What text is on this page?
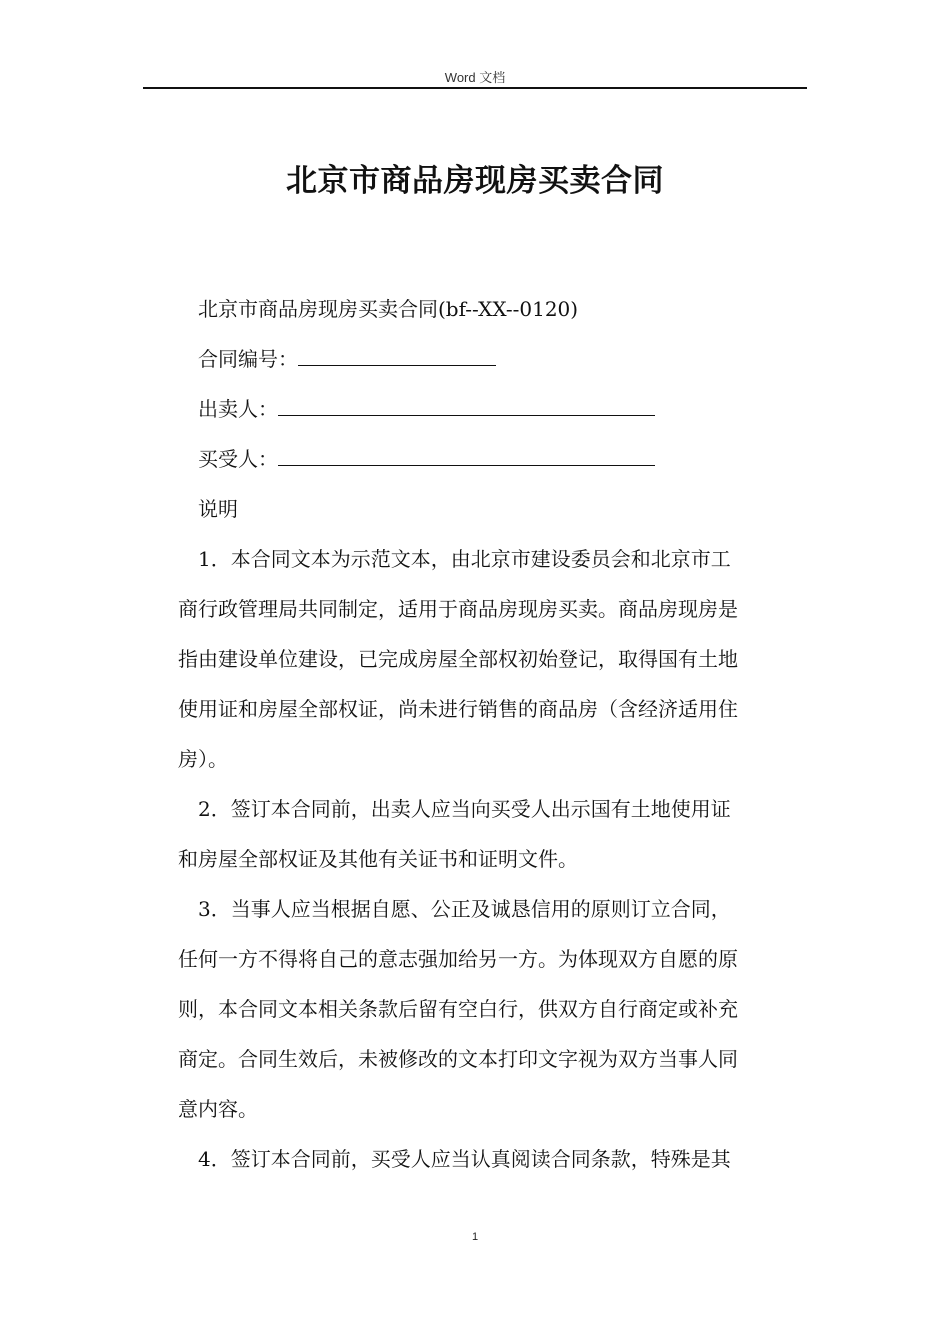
Word 文档
北京市商品房现房买卖合同
北京市商品房现房买卖合同(bf--XX--0120)
合同编号：
出卖人：
买受人：
说明
1．本合同文本为示范文本，由北京市建设委员会和北京市工
商行政管理局共同制定，适用于商品房现房买卖。商品房现房是
指由建设单位建设，已完成房屋全部权初始登记，取得国有土地
使用证和房屋全部权证，尚未进行销售的商品房（含经济适用住
房）。
2．签订本合同前，出卖人应当向买受人出示国有土地使用证
和房屋全部权证及其他有关证书和证明文件。
3．当事人应当根据自愿、公正及诚恳信用的原则订立合同，
任何一方不得将自己的意志强加给另一方。为体现双方自愿的原
则，本合同文本相关条款后留有空白行，供双方自行商定或补充
商定。合同生效后，未被修改的文本打印文字视为双方当事人同
意内容。
4．签订本合同前，买受人应当认真阅读合同条款，特殊是其
1
